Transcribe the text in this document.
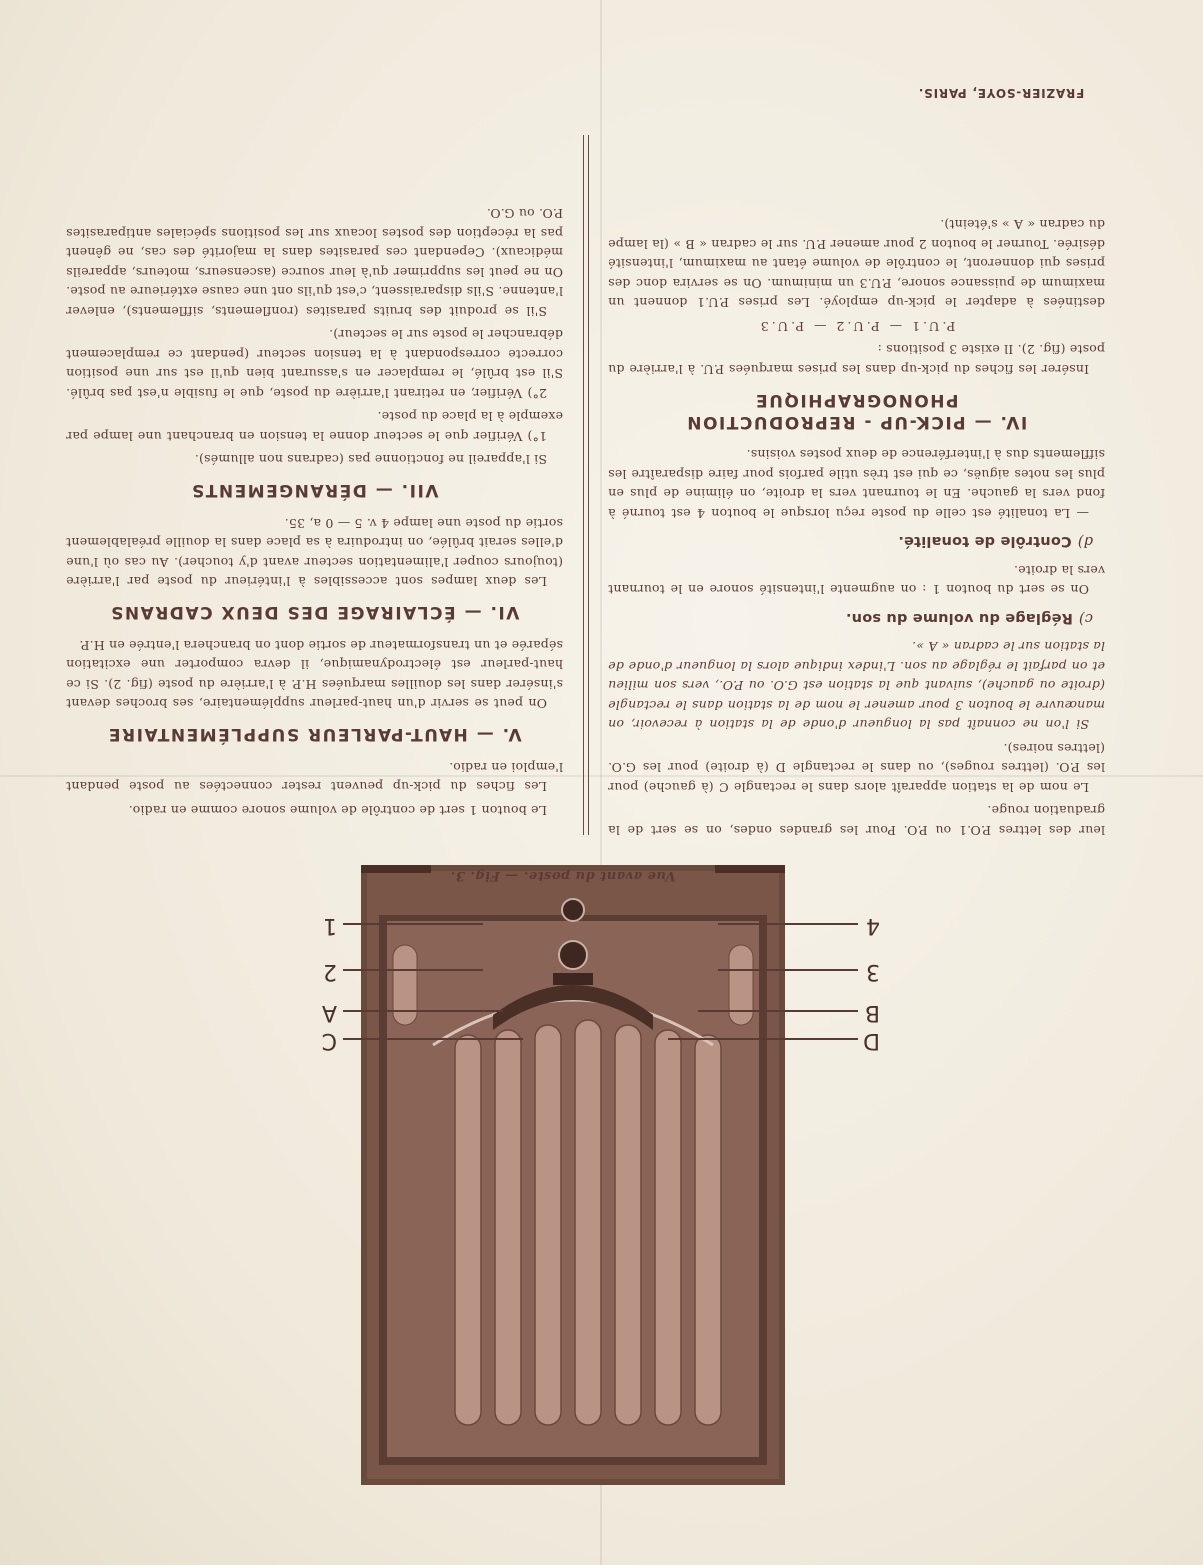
FRAZIER-SOYE, PARIS.
4
3
B
D
1
2
A
C
Vue avant du poste. — Fig. 3.

leur des lettres P.O.1 ou P.O. Pour les grandes ondes, on se sert de la graduation rouge.

Le nom de la station apparaît alors dans le rectangle C (à gauche) pour les P.O. (lettres rouges), ou dans le rectangle D (à droite) pour les G.O. (lettres noires).

Si l'on ne connaît pas la longueur d'onde de la station à recevoir, on manœuvre le bouton 3 pour amener le nom de la station dans le rectangle (droite ou gauche), suivant que la station est G.O. ou P.O., vers son milieu et on parfait le réglage au son. L'index indique alors la longueur d'onde de la station sur le cadran « A ».

c)Réglage du volume du son.

On se sert du bouton 1 : on augmente l'intensité sonore en le tournant vers la droite.

d)Contrôle de tonalité.

— La tonalité est celle du poste reçu lorsque le bouton 4 est tourné à fond vers la gauche. En le tournant vers la droite, on élimine de plus en plus les notes aiguës, ce qui est très utile parfois pour faire disparaître les sifflements dus à l'interférence de deux postes voisins.

IV. — PICK-UP - REPRODUCTION PHONOGRAPHIQUE

Insérer les fiches du pick-up dans les prises marquées P.U. à l'arrière du poste (fig. 2). Il existe 3 positions :

P.U.1 — P.U.2 — P.U.3

destinées à adapter le pick-up employé. Les prises P.U.1 donnent un maximum de puissance sonore, P.U.3 un minimum. On se servira donc des prises qui donneront, le contrôle de volume étant au maximum, l'intensité désirée. Tourner le bouton 2 pour amener P.U. sur le cadran « B » (la lampe du cadran « A » s'éteint).

Le bouton 1 sert de contrôle de volume sonore comme en radio.

Les fiches du pick-up peuvent rester connectées au poste pendant l'emploi en radio.

V. — HAUT-PARLEUR SUPPLÉMENTAIRE

On peut se servir d'un haut-parleur supplémentaire, ses broches devant s'insérer dans les douilles marquées H.P. à l'arrière du poste (fig. 2). Si ce haut-parleur est électrodynamique, il devra comporter une excitation séparée et un transformateur de sortie dont on branchera l'entrée en H.P.

VI. — ÉCLAIRAGE DES DEUX CADRANS

Les deux lampes sont accessibles à l'intérieur du poste par l'arrière (toujours couper l'alimentation secteur avant d'y toucher). Au cas où l'une d'elles serait brûlée, on introduira à sa place dans la douille préalablement sortie du poste une lampe 4 v. 5 — 0 a, 35.

VII. — DÉRANGEMENTS

Si l'appareil ne fonctionne pas (cadrans non allumés).

1°) Vérifier que le secteur donne la tension en branchant une lampe par exemple à la place du poste.

2°) Vérifier, en retirant l'arrière du poste, que le fusible n'est pas brûlé. S'il est brûlé, le remplacer en s'assurant bien qu'il est sur une position correcte correspondant à la tension secteur (pendant ce remplacement débrancher le poste sur le secteur).

S'il se produit des bruits parasites (ronflements, sifflements), enlever l'antenne. S'ils disparaissent, c'est qu'ils ont une cause extérieure au poste. On ne peut les supprimer qu'à leur source (ascenseurs, moteurs, appareils médicaux). Cependant ces parasites dans la majorité des cas, ne gênent pas la réception des postes locaux sur les positions spéciales antiparasites P.O. ou G.O.
